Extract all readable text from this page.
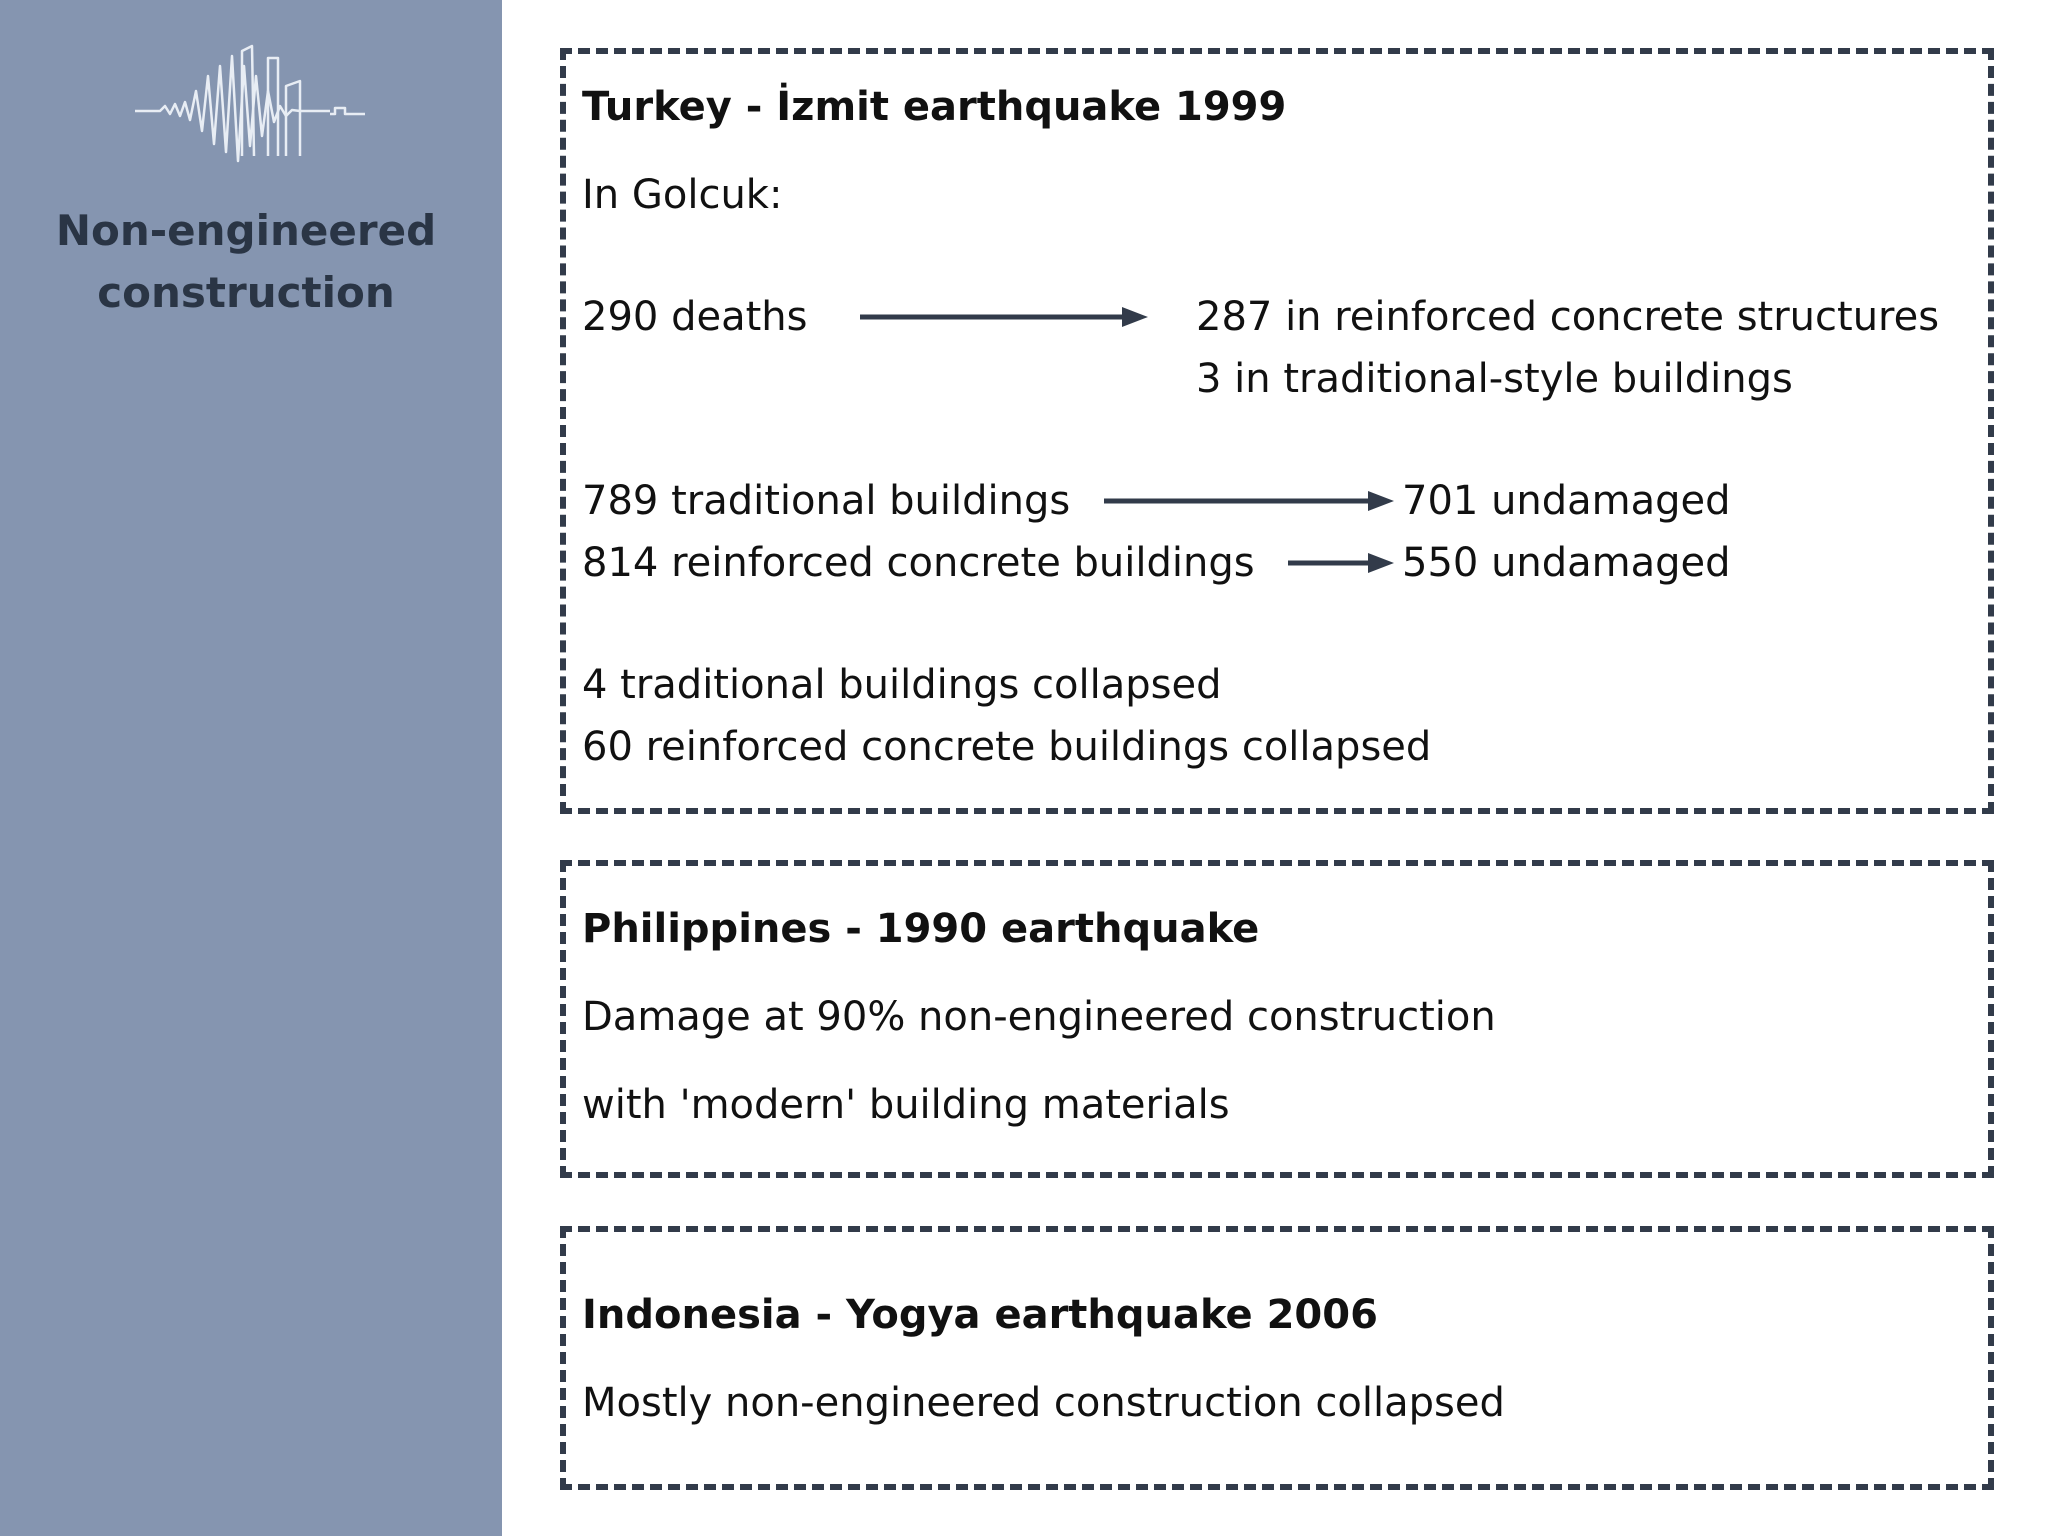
Non-engineered
construction
Turkey - İzmit earthquake 1999
In Golcuk:
290 deaths	287 in reinforced concrete structures
3 in traditional-style buildings
789 traditional buildings	701 undamaged
814 reinforced concrete buildings	550 undamaged
4 traditional buildings collapsed
60 reinforced concrete buildings collapsed
Philippines - 1990 earthquake
Damage at 90% non-engineered construction
with 'modern' building materials
Indonesia - Yogya earthquake 2006
Mostly non-engineered construction collapsed
